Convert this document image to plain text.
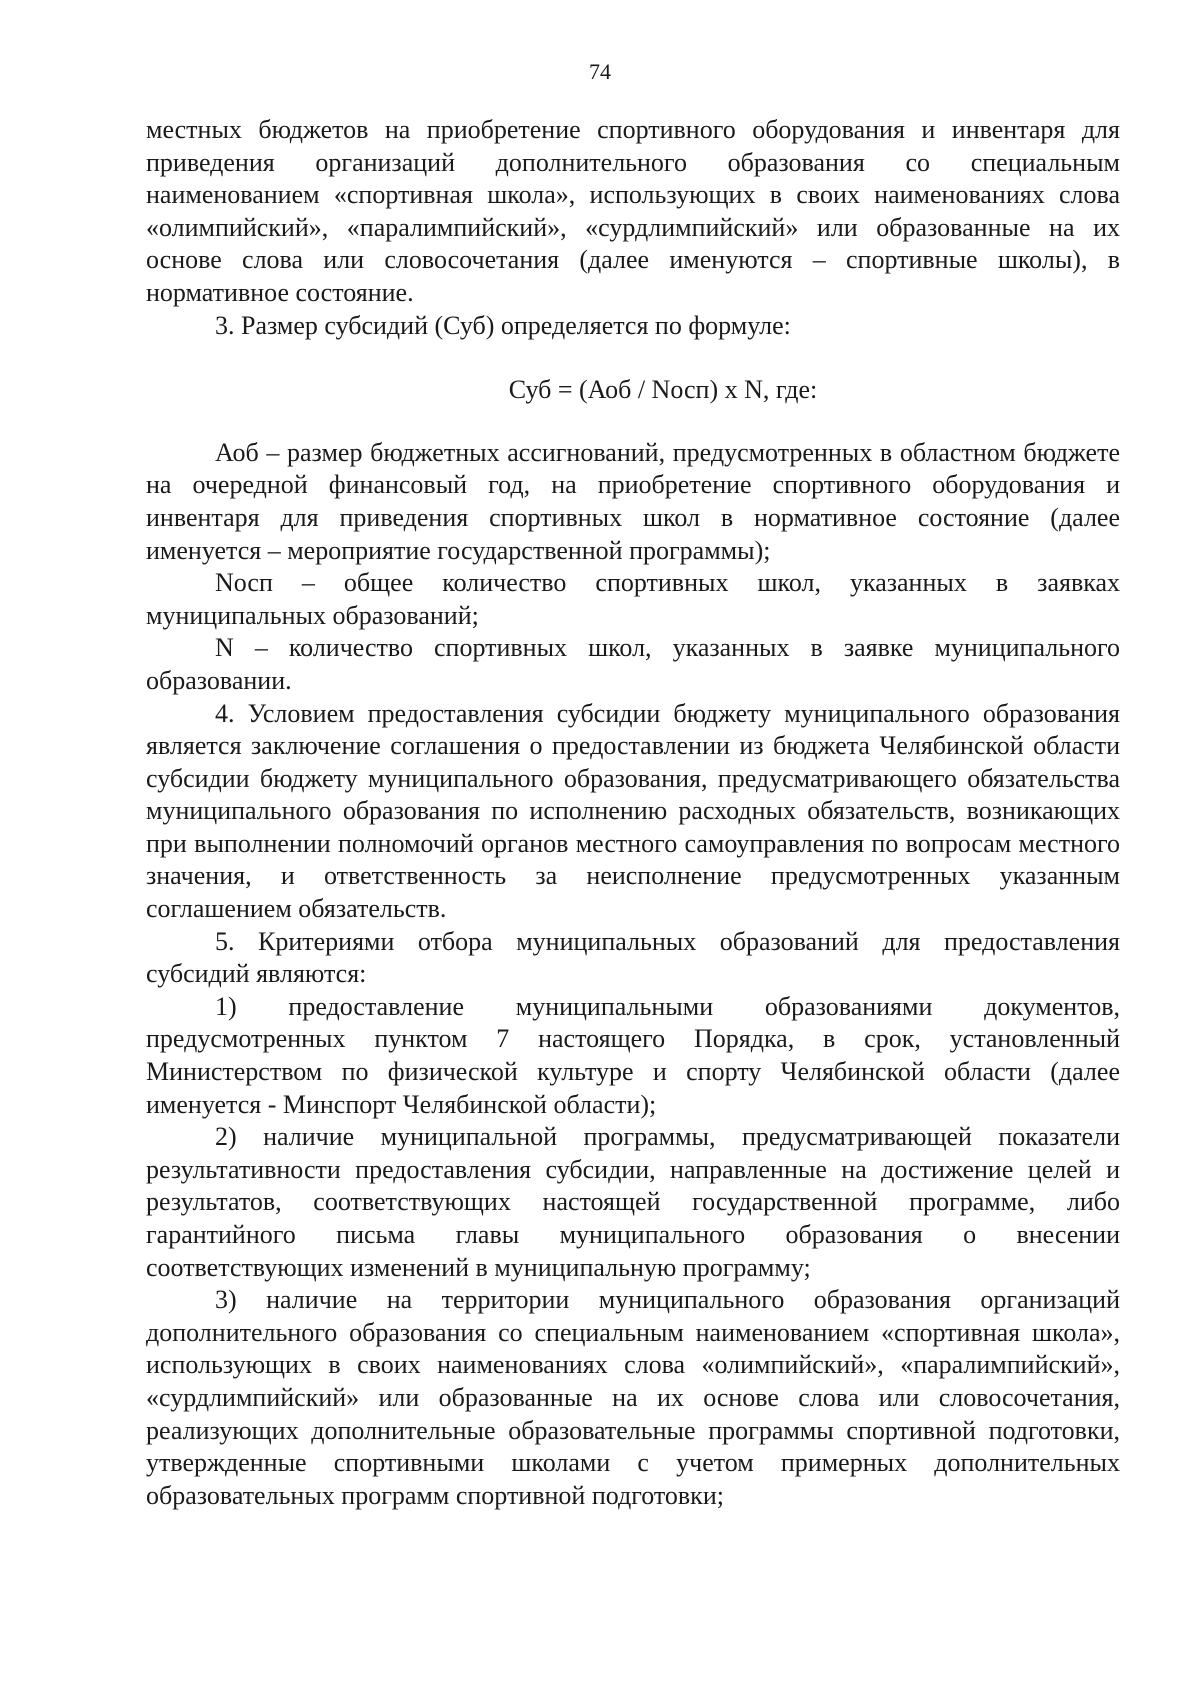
74

местных бюджетов на приобретение спортивного оборудования и инвентаря для приведения организаций дополнительного образования со специальным наименованием «спортивная школа», использующих в своих наименованиях слова «олимпийский», «паралимпийский», «сурдлимпийский» или образованные на их основе слова или словосочетания (далее именуются – спортивные школы), в нормативное состояние.

3. Размер субсидий (Суб) определяется по формуле:

Суб = (Аоб / Nосп) x N, где:

Аоб – размер бюджетных ассигнований, предусмотренных в областном бюджете на очередной финансовый год, на приобретение спортивного оборудования и инвентаря для приведения спортивных школ в нормативное состояние (далее именуется – мероприятие государственной программы);

Nосп – общее количество спортивных школ, указанных в заявках муниципальных образований;

N – количество спортивных школ, указанных в заявке муниципального образовании.

4. Условием предоставления субсидии бюджету муниципального образования является заключение соглашения о предоставлении из бюджета Челябинской области субсидии бюджету муниципального образования, предусматривающего обязательства муниципального образования по исполнению расходных обязательств, возникающих при выполнении полномочий органов местного самоуправления по вопросам местного значения, и ответственность за неисполнение предусмотренных указанным соглашением обязательств.

5. Критериями отбора муниципальных образований для предоставления субсидий являются:

1) предоставление муниципальными образованиями документов, предусмотренных пунктом 7 настоящего Порядка, в срок, установленный Министерством по физической культуре и спорту Челябинской области (далее именуется - Минспорт Челябинской области);

2) наличие муниципальной программы, предусматривающей показатели результативности предоставления субсидии, направленные на достижение целей и результатов, соответствующих настоящей государственной программе, либо гарантийного письма главы муниципального образования о внесении соответствующих изменений в муниципальную программу;

3) наличие на территории муниципального образования организаций дополнительного образования со специальным наименованием «спортивная школа», использующих в своих наименованиях слова «олимпийский», «паралимпийский», «сурдлимпийский» или образованные на их основе слова или словосочетания, реализующих дополнительные образовательные программы спортивной подготовки, утвержденные спортивными школами с учетом примерных дополнительных образовательных программ спортивной подготовки;
